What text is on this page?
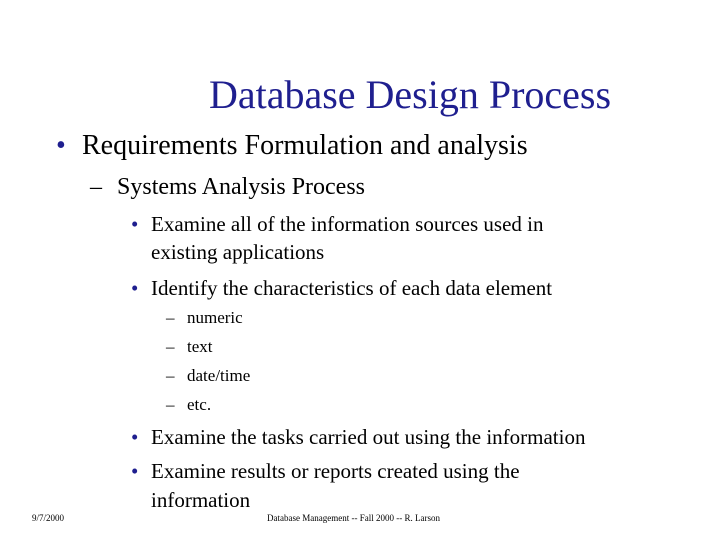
Database Design Process
• Requirements Formulation and analysis
– Systems Analysis Process
• Examine all of the information sources used in
existing applications
• Identify the characteristics of each data element
– numeric
– text
– date/time
– etc.
• Examine the tasks carried out using the information
• Examine results or reports created using the
information
9/7/2000	Database Management -- Fall 2000 -- R. Larson
